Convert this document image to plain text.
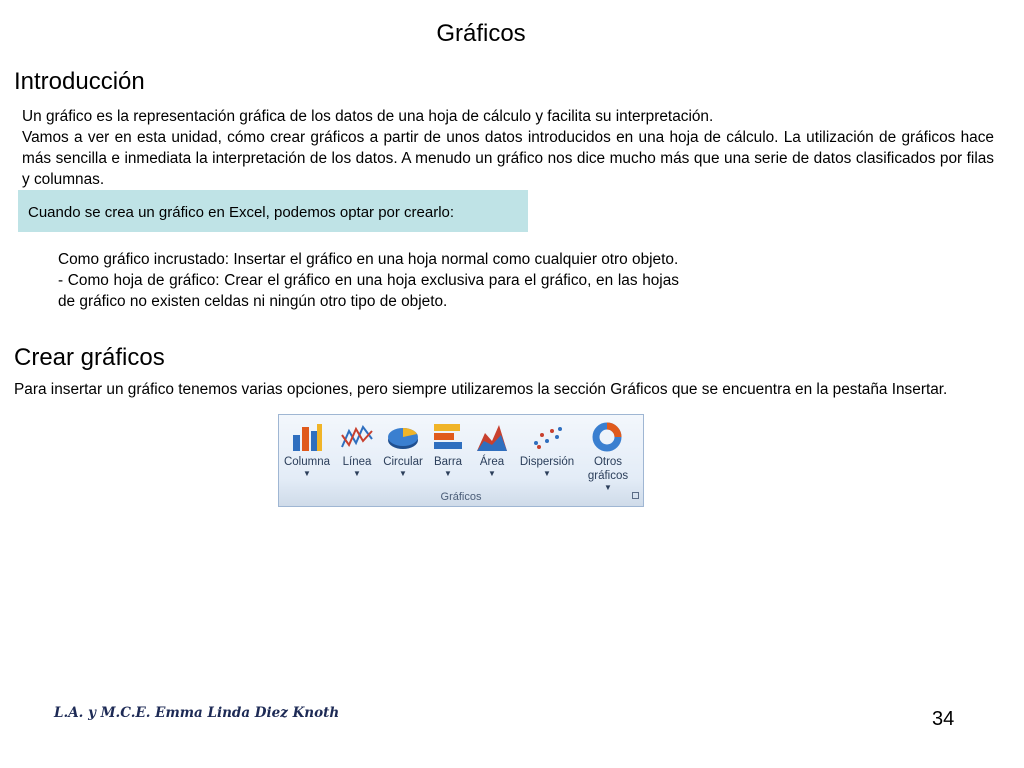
Gráficos
Introducción

Un gráfico es la representación gráfica de los datos de una hoja de cálculo y facilita su interpretación.
Vamos a ver en esta unidad, cómo crear gráficos a partir de unos datos introducidos en una hoja de cálculo. La utilización de gráficos hace más sencilla e inmediata la interpretación de los datos. A menudo un gráfico nos dice mucho más que una serie de datos clasificados por filas y columnas.

Cuando se crea un gráfico en Excel, podemos optar por crearlo:

Como gráfico incrustado: Insertar el gráfico en una hoja normal como cualquier otro objeto.
- Como hoja de gráfico: Crear el gráfico en una hoja exclusiva para el gráfico, en las hojas de gráfico no existen celdas ni ningún otro tipo de objeto.

Crear gráficos

Para insertar un gráfico tenemos varias opciones, pero siempre utilizaremos la sección Gráficos que se encuentra en la pestaña Insertar.

Columna
▼
Línea
▼
Circular
▼
Barra
▼
Área
▼
Dispersión
▼
Otros gráficos
▼
Gráficos
L.A. y M.C.E. Emma Linda Diez Knoth	34
